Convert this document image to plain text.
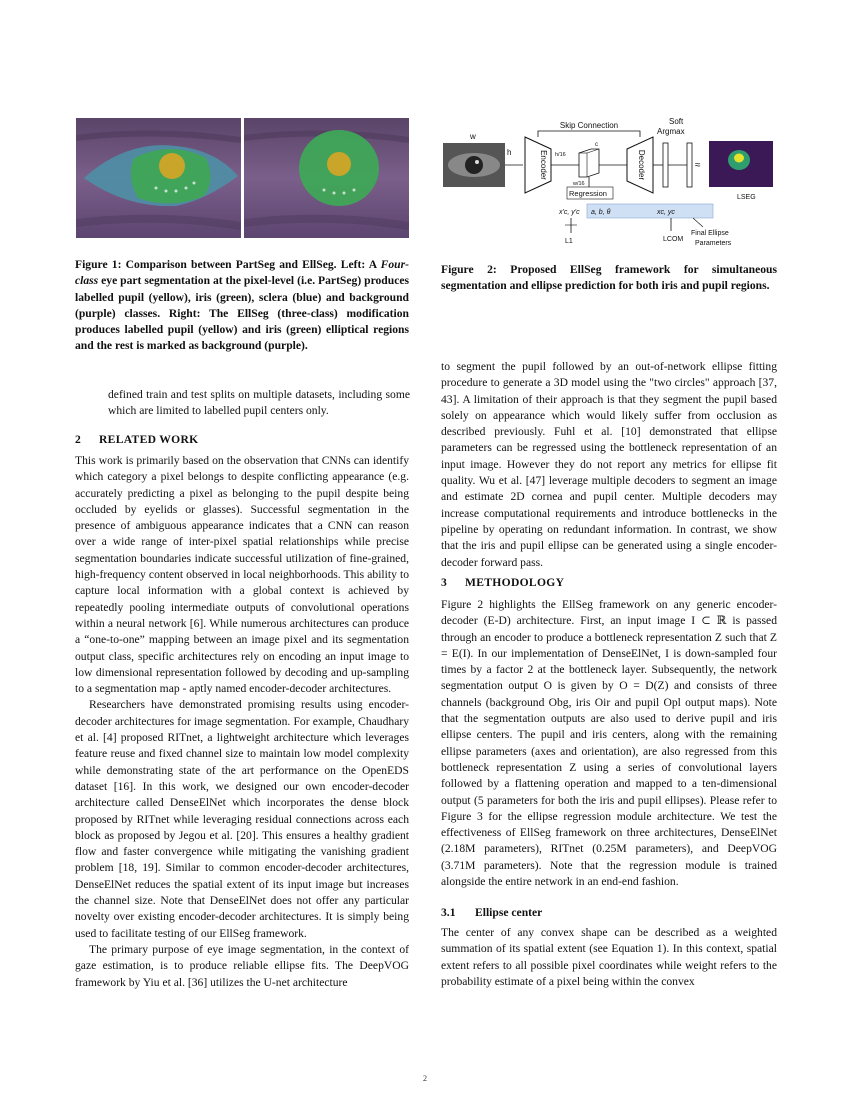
Figure 1: Comparison between PartSeg and EllSeg. Left: A Four-class eye part segmentation at the pixel-level (i.e. PartSeg) produces labelled pupil (yellow), iris (green), sclera (blue) and background (purple) classes. Right: The EllSeg (three-class) modification produces labelled pupil (yellow) and iris (green) elliptical regions and the rest is marked as background (purple).
w
h	Encoder h/16
c
w/16
Decoder
Skip Connection	Soft
Argmax
≈
LSEG
Regression
x'c, y'c a, b, θ	xc, yc
L1	LCOM
Final Ellipse
Parameters
Figure 2: Proposed EllSeg framework for simultaneous segmentation and ellipse prediction for both iris and pupil regions.

defined train and test splits on multiple datasets, including some which are limited to labelled pupil centers only.

2 RELATED WORK

This work is primarily based on the observation that CNNs can identify which category a pixel belongs to despite conflicting appearance (e.g. accurately predicting a pixel as belonging to the pupil despite being occluded by eyelids or glasses). Successful segmentation in the presence of ambiguous appearance indicates that a CNN can reason over a wide range of inter-pixel spatial relationships while precise segmentation boundaries indicate successful utilization of fine-grained, high-frequency content observed in local neighborhoods. This ability to capture local information with a global context is achieved by repeatedly pooling intermediate outputs of convolutional operations within a neural network [6]. While numerous architectures can produce a “one-to-one” mapping between an image pixel and its segmentation output class, specific architectures rely on encoding an input image to low dimensional representation followed by decoding and up-sampling to a segmentation map - aptly named encoder-decoder architectures.

Researchers have demonstrated promising results using encoder-decoder architectures for image segmentation. For example, Chaudhary et al. [4] proposed RITnet, a lightweight architecture which leverages feature reuse and fixed channel size to maintain low model complexity while demonstrating state of the art performance on the OpenEDS dataset [16]. In this work, we designed our own encoder-decoder architecture called DenseElNet which incorporates the dense block proposed by RITnet while leveraging residual connections across each block as proposed by Jegou et al. [20]. This ensures a healthy gradient flow and faster convergence while mitigating the vanishing gradient problem [18, 19]. Similar to common encoder-decoder architectures, DenseElNet reduces the spatial extent of its input image but increases the channel size. Note that DenseElNet does not offer any particular novelty over existing encoder-decoder architectures. It is simply being used to facilitate testing of our EllSeg framework.

The primary purpose of eye image segmentation, in the context of gaze estimation, is to produce reliable ellipse fits. The DeepVOG framework by Yiu et al. [36] utilizes the U-net architecture

to segment the pupil followed by an out-of-network ellipse fitting procedure to generate a 3D model using the "two circles" approach [37, 43]. A limitation of their approach is that they segment the pupil based solely on appearance which would likely suffer from occlusion as described previously. Fuhl et al. [10] demonstrated that ellipse parameters can be regressed using the bottleneck representation of an input image. However they do not report any metrics for ellipse fit quality. Wu et al. [47] leverage multiple decoders to segment an image and estimate 2D cornea and pupil center. Multiple decoders may increase computational requirements and introduce bottlenecks in the pipeline by operating on redundant information. In contrast, we show that the iris and pupil ellipse can be generated using a single encoder-decoder forward pass.

3 METHODOLOGY

Figure 2 highlights the EllSeg framework on any generic encoder-decoder (E-D) architecture. First, an input image I ⊂ ℝ is passed through an encoder to produce a bottleneck representation Z such that Z = E(I). In our implementation of DenseElNet, I is down-sampled four times by a factor 2 at the bottleneck layer. Subsequently, the network segmentation output O is given by O = D(Z) and consists of three channels (background Obg, iris Oir and pupil Opl output maps). Note that the segmentation outputs are also used to derive pupil and iris ellipse centers. The pupil and iris centers, along with the remaining ellipse parameters (axes and orientation), are also regressed from this bottleneck representation Z using a series of convolutional layers followed by a flattening operation and mapped to a ten-dimensional output (5 parameters for both the iris and pupil ellipses). Please refer to Figure 3 for the ellipse regression module architecture. We test the effectiveness of EllSeg framework on three architectures, DenseElNet (2.18M parameters), RITnet (0.25M parameters), and DeepVOG (3.71M parameters). Note that the regression module is trained alongside the entire network in an end-end fashion.

3.1 Ellipse center

The center of any convex shape can be described as a weighted summation of its spatial extent (see Equation 1). In this context, spatial extent refers to all possible pixel coordinates while weight refers to the probability estimate of a pixel being within the convex

2
